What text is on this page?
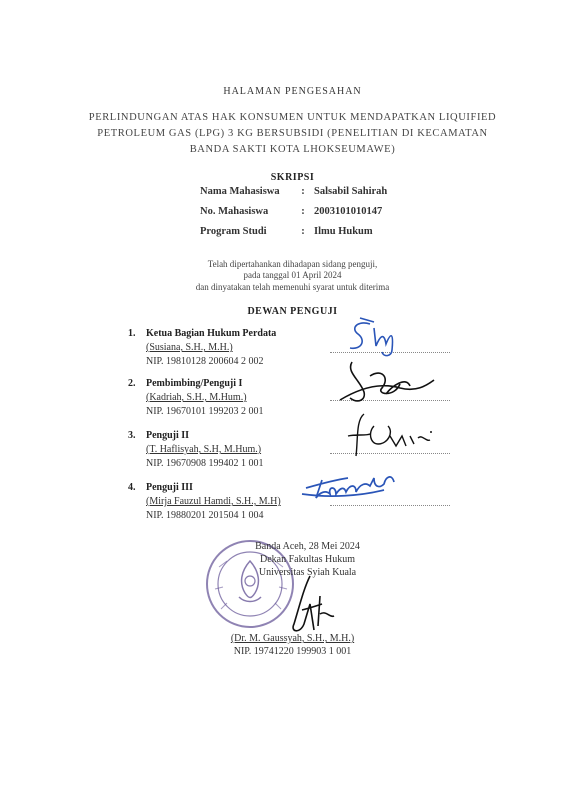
HALAMAN PENGESAHAN
PERLINDUNGAN ATAS HAK KONSUMEN UNTUK MENDAPATKAN LIQUIFIED
PETROLEUM GAS (LPG) 3 KG BERSUBSIDI (PENELITIAN DI KECAMATAN
BANDA SAKTI KOTA LHOKSEUMAWE)
SKRIPSI
Nama Mahasiswa	: Salsabil Sahirah
No. Mahasiswa	: 2003101010147
Program Studi	: Ilmu Hukum
Telah dipertahankan dihadapan sidang penguji,
pada tanggal 01 April 2024
dan dinyatakan telah memenuhi syarat untuk diterima
DEWAN PENGUJI
1.	Ketua Bagian Hukum Perdata
(Susiana, S.H., M.H.)
NIP. 19810128 200604 2 002
2.	Pembimbing/Penguji I
(Kadriah, S.H., M.Hum.)
NIP. 19670101 199203 2 001
3.	Penguji II
(T. Haflisyah, S.H, M.Hum.)
NIP. 19670908 199402 1 001
4.	Penguji III
(Mirja Fauzul Hamdi, S.H., M.H)
NIP. 19880201 201504 1 004
Banda Aceh, 28 Mei 2024
Dekan Fakultas Hukum
Universitas Syiah Kuala
(Dr. M. Gaussyah, S.H., M.H.)
NIP. 19741220 199903 1 001
